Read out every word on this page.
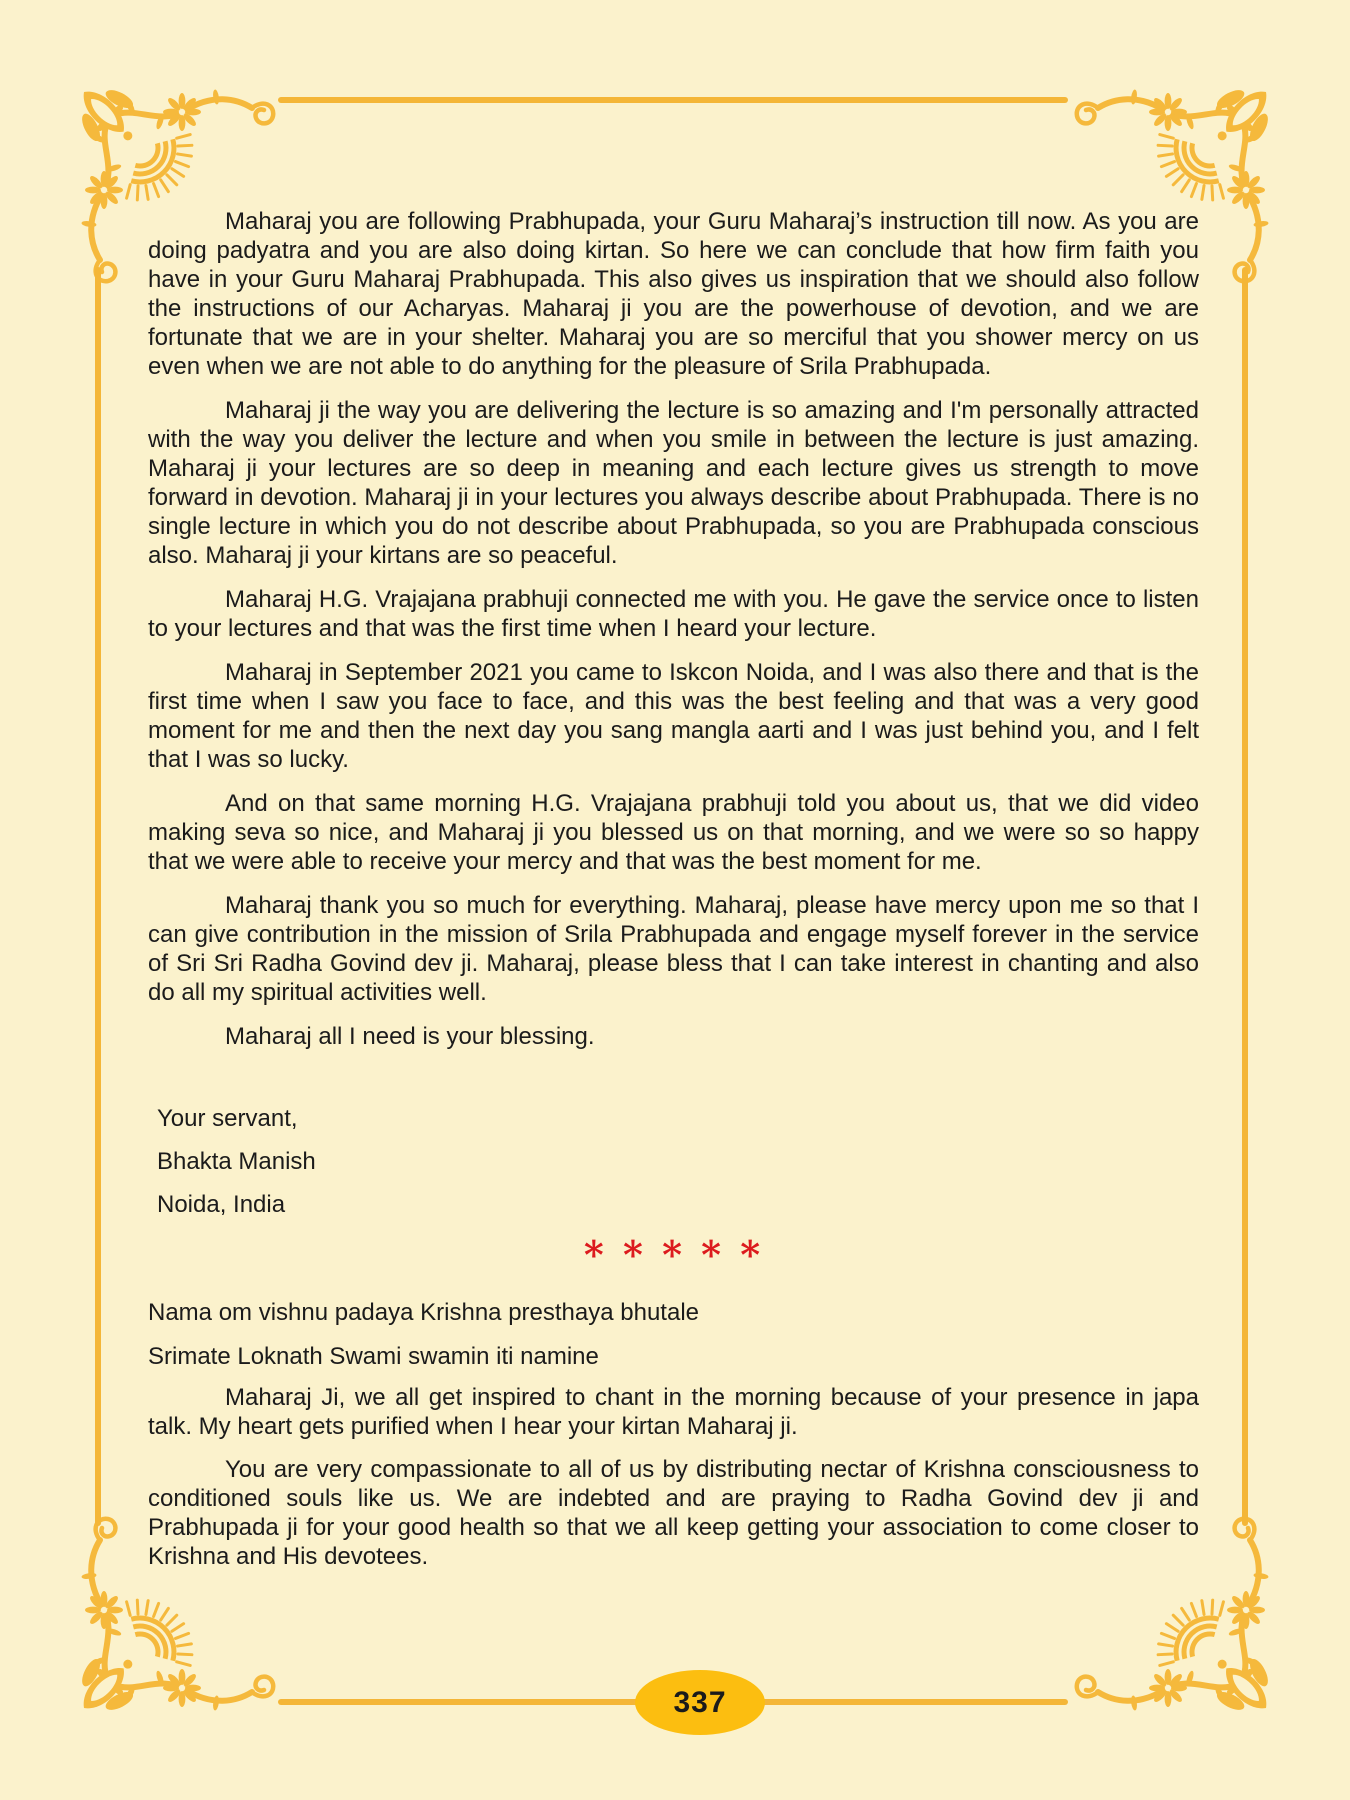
337

Maharaj you are following Prabhupada, your Guru Maharaj’s instruction till now. As you are doing padyatra and you are also doing kirtan. So here we can conclude that how firm faith you have in your Guru Maharaj Prabhupada. This also gives us inspiration that we should also follow the instructions of our Acharyas. Maharaj ji you are the powerhouse of devotion, and we are fortunate that we are in your shelter. Maharaj you are so merciful that you shower mercy on us even when we are not able to do anything for the pleasure of Srila Prabhupada.

Maharaj ji the way you are delivering the lecture is so amazing and I'm personally attracted with the way you deliver the lecture and when you smile in between the lecture is just amazing. Maharaj ji your lectures are so deep in meaning and each lecture gives us strength to move forward in devotion. Maharaj ji in your lectures you always describe about Prabhupada. There is no single lecture in which you do not describe about Prabhupada, so you are Prabhupada conscious also. Maharaj ji your kirtans are so peaceful.

Maharaj H.G. Vrajajana prabhuji connected me with you. He gave the service once to listen to your lectures and that was the first time when I heard your lecture.

Maharaj in September 2021 you came to Iskcon Noida, and I was also there and that is the first time when I saw you face to face, and this was the best feeling and that was a very good moment for me and then the next day you sang mangla aarti and I was just behind you, and I felt that I was so lucky.

And on that same morning H.G. Vrajajana prabhuji told you about us, that we did video making seva so nice, and Maharaj ji you blessed us on that morning, and we were so so happy that we were able to receive your mercy and that was the best moment for me.

Maharaj thank you so much for everything. Maharaj, please have mercy upon me so that I can give contribution in the mission of Srila Prabhupada and engage myself forever in the service of Sri Sri Radha Govind dev ji. Maharaj, please bless that I can take interest in chanting and also do all my spiritual activities well.

Maharaj all I need is your blessing.

Your servant,
Bhakta Manish
Noida, India

* * * * *

Nama om vishnu padaya Krishna presthaya bhutale

Srimate Loknath Swami swamin iti namine

Maharaj Ji, we all get inspired to chant in the morning because of your presence in japa talk. My heart gets purified when I hear your kirtan Maharaj ji.

You are very compassionate to all of us by distributing nectar of Krishna consciousness to conditioned souls like us. We are indebted and are praying to Radha Govind dev ji and Prabhupada ji for your good health so that we all keep getting your association to come closer to Krishna and His devotees.
